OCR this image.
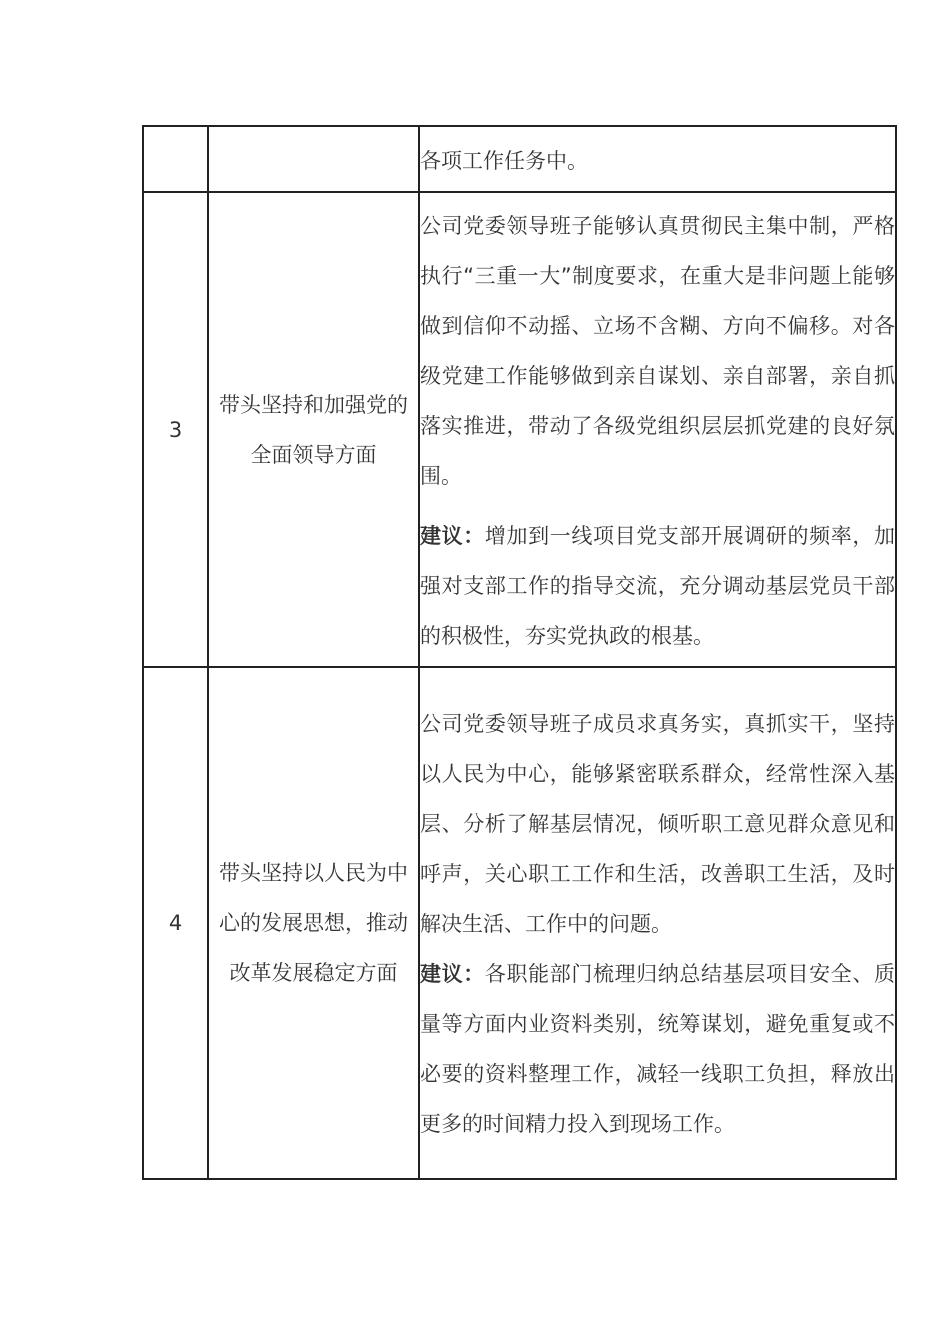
		各项工作任务中。

3	带头坚持和加强党的全面领导方面	公司党委领导班子能够认真贯彻民主集中制，严格执行“三重一大”制度要求，在重大是非问题上能够做到信仰不动摇、立场不含糊、方向不偏移。对各级党建工作能够做到亲自谋划、亲自部署，亲自抓落实推进，带动了各级党组织层层抓党建的良好氛围。

建议：增加到一线项目党支部开展调研的频率，加强对支部工作的指导交流，充分调动基层党员干部的积极性，夯实党执政的根基。

4	带头坚持以人民为中心的发展思想，推动改革发展稳定方面	公司党委领导班子成员求真务实，真抓实干，坚持以人民为中心，能够紧密联系群众，经常性深入基层、分析了解基层情况，倾听职工意见群众意见和呼声，关心职工工作和生活，改善职工生活，及时解决生活、工作中的问题。

建议：各职能部门梳理归纳总结基层项目安全、质量等方面内业资料类别，统筹谋划，避免重复或不必要的资料整理工作，减轻一线职工负担，释放出更多的时间精力投入到现场工作。
